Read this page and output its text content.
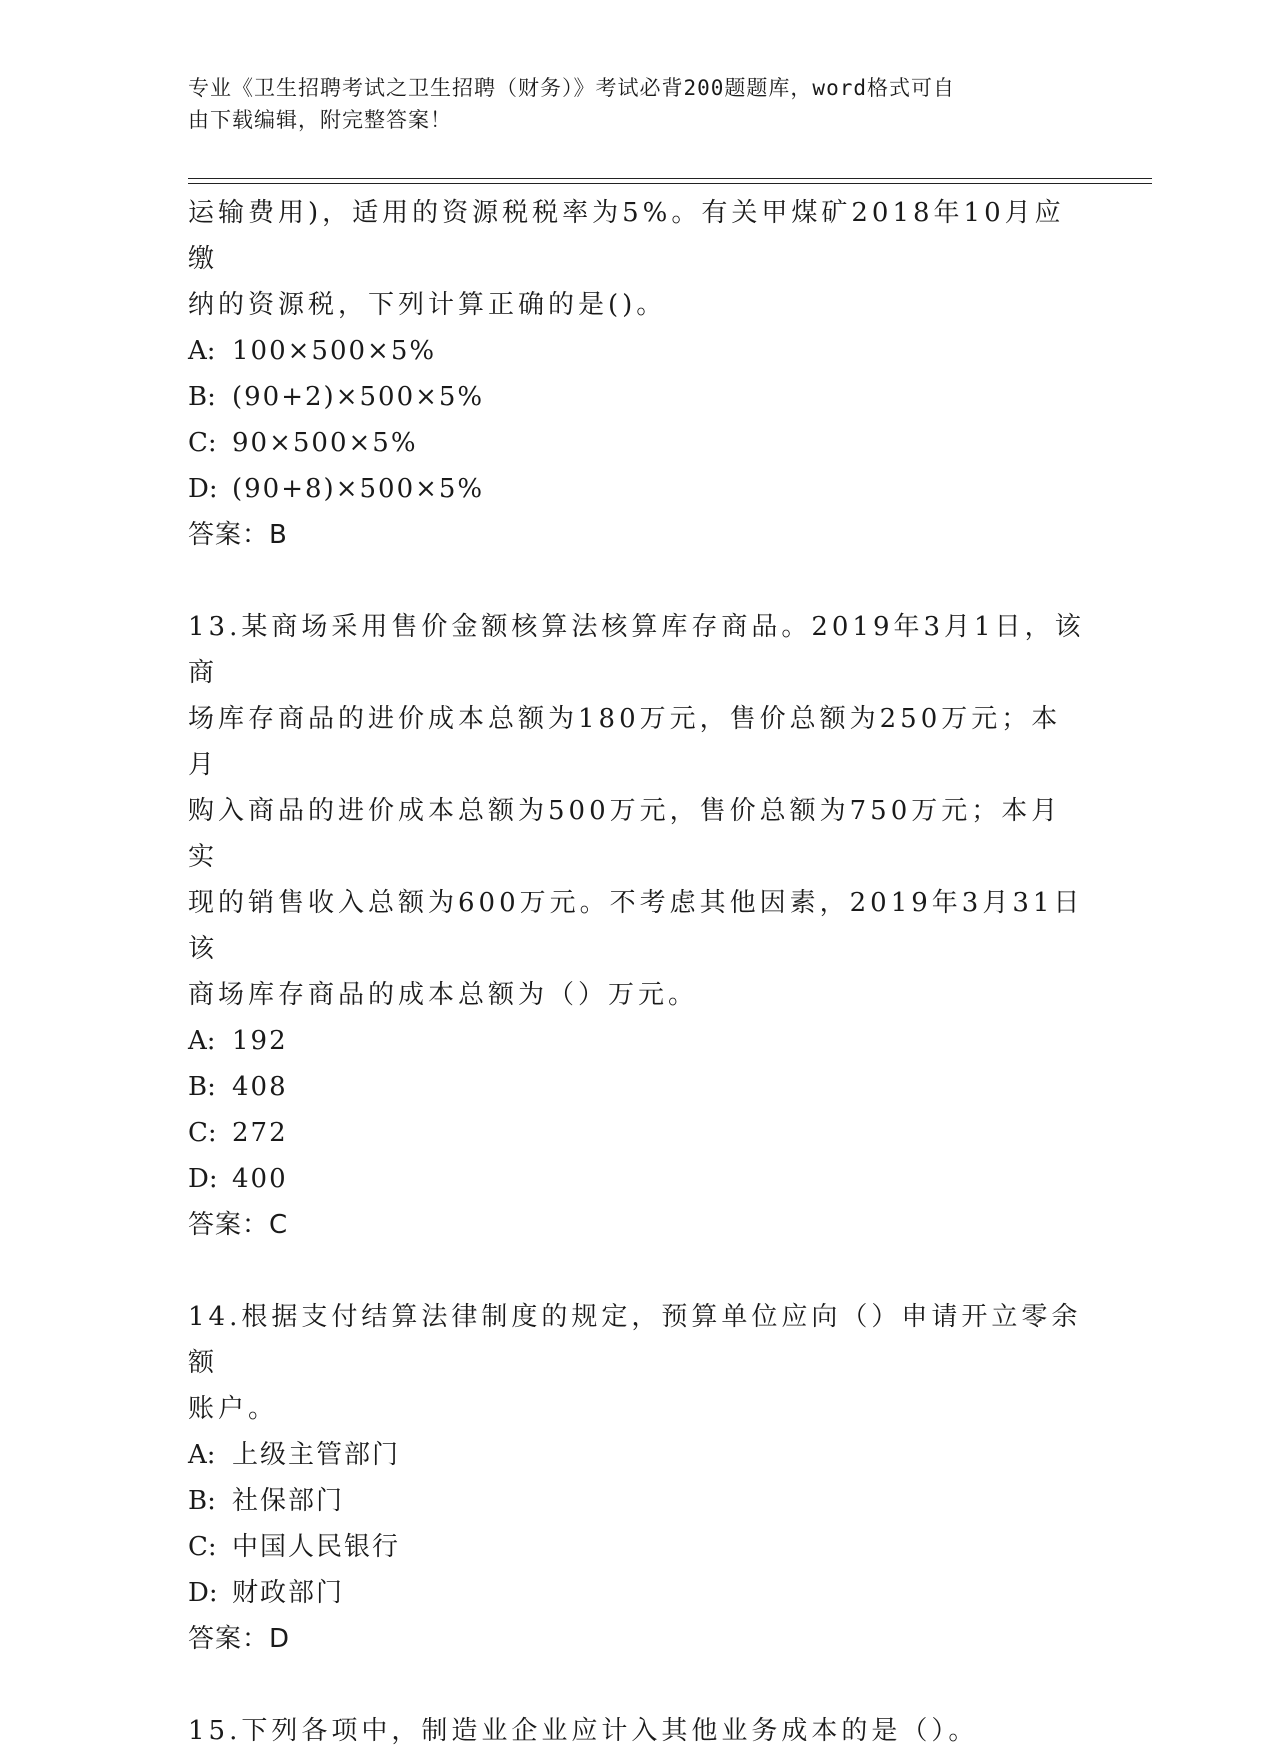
专业《卫生招聘考试之卫生招聘（财务）》考试必背200题题库，word格式可自
由下载编辑，附完整答案！

运输费用)，适用的资源税税率为5%。有关甲煤矿2018年10月应缴

纳的资源税，下列计算正确的是()。

A: 100×500×5%

B: (90+2)×500×5%

C: 90×500×5%

D: (90+8)×500×5%

答案：B

13.某商场采用售价金额核算法核算库存商品。2019年3月1日，该商

场库存商品的进价成本总额为180万元，售价总额为250万元；本月

购入商品的进价成本总额为500万元，售价总额为750万元；本月实

现的销售收入总额为600万元。不考虑其他因素，2019年3月31日该

商场库存商品的成本总额为（）万元。

A: 192

B: 408

C: 272

D: 400

答案：C

14.根据支付结算法律制度的规定，预算单位应向（）申请开立零余额

账户。

A: 上级主管部门

B: 社保部门

C: 中国人民银行

D: 财政部门

答案：D

15.下列各项中，制造业企业应计入其他业务成本的是（）。
